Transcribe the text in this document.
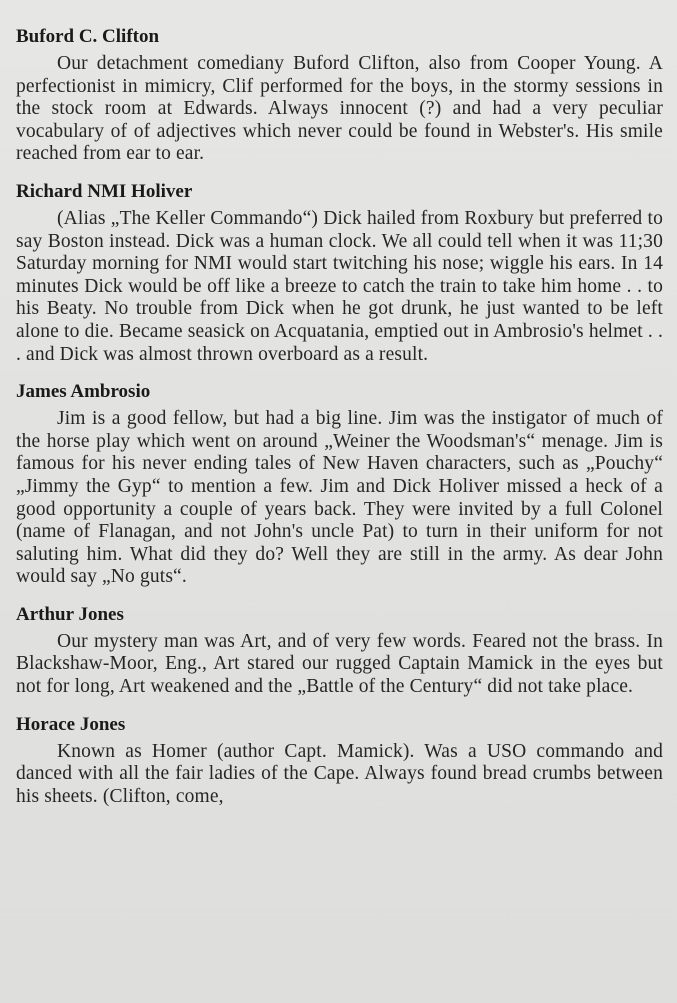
Buford C. Clifton

Our detachment comediany Buford Clifton, also from Cooper Young. A perfectionist in mimicry, Clif performed for the boys, in the stormy sessions in the stock room at Edwards. Always innocent (?) and had a very peculiar vocabulary of of adjectives which never could be found in Webster's. His smile reached from ear to ear.

Richard NMI Holiver

(Alias „The Keller Commando“) Dick hailed from Roxbury but preferred to say Boston instead. Dick was a human clock. We all could tell when it was 11;30 Saturday morning for NMI would start twitching his nose; wiggle his ears. In 14 minutes Dick would be off like a breeze to catch the train to take him home . . to his Beaty. No trouble from Dick when he got drunk, he just wanted to be left alone to die. Became seasick on Acquatania, emptied out in Ambrosio's helmet . . . and Dick was almost thrown overboard as a result.

James Ambrosio

Jim is a good fellow, but had a big line. Jim was the instigator of much of the horse play which went on around „Weiner the Woodsman's“ menage. Jim is famous for his never ending tales of New Haven characters, such as „Pouchy“ „Jimmy the Gyp“ to mention a few. Jim and Dick Holiver missed a heck of a good opportunity a couple of years back. They were invited by a full Colonel (name of Flanagan, and not John's uncle Pat) to turn in their uniform for not saluting him. What did they do? Well they are still in the army. As dear John would say „No guts“.

Arthur Jones

Our mystery man was Art, and of very few words. Feared not the brass. In Blackshaw-Moor, Eng., Art stared our rugged Captain Mamick in the eyes but not for long, Art weakened and the „Battle of the Century“ did not take place.

Horace Jones

Known as Homer (author Capt. Mamick). Was a USO commando and danced with all the fair ladies of the Cape. Always found bread crumbs between his sheets. (Clifton, come,
